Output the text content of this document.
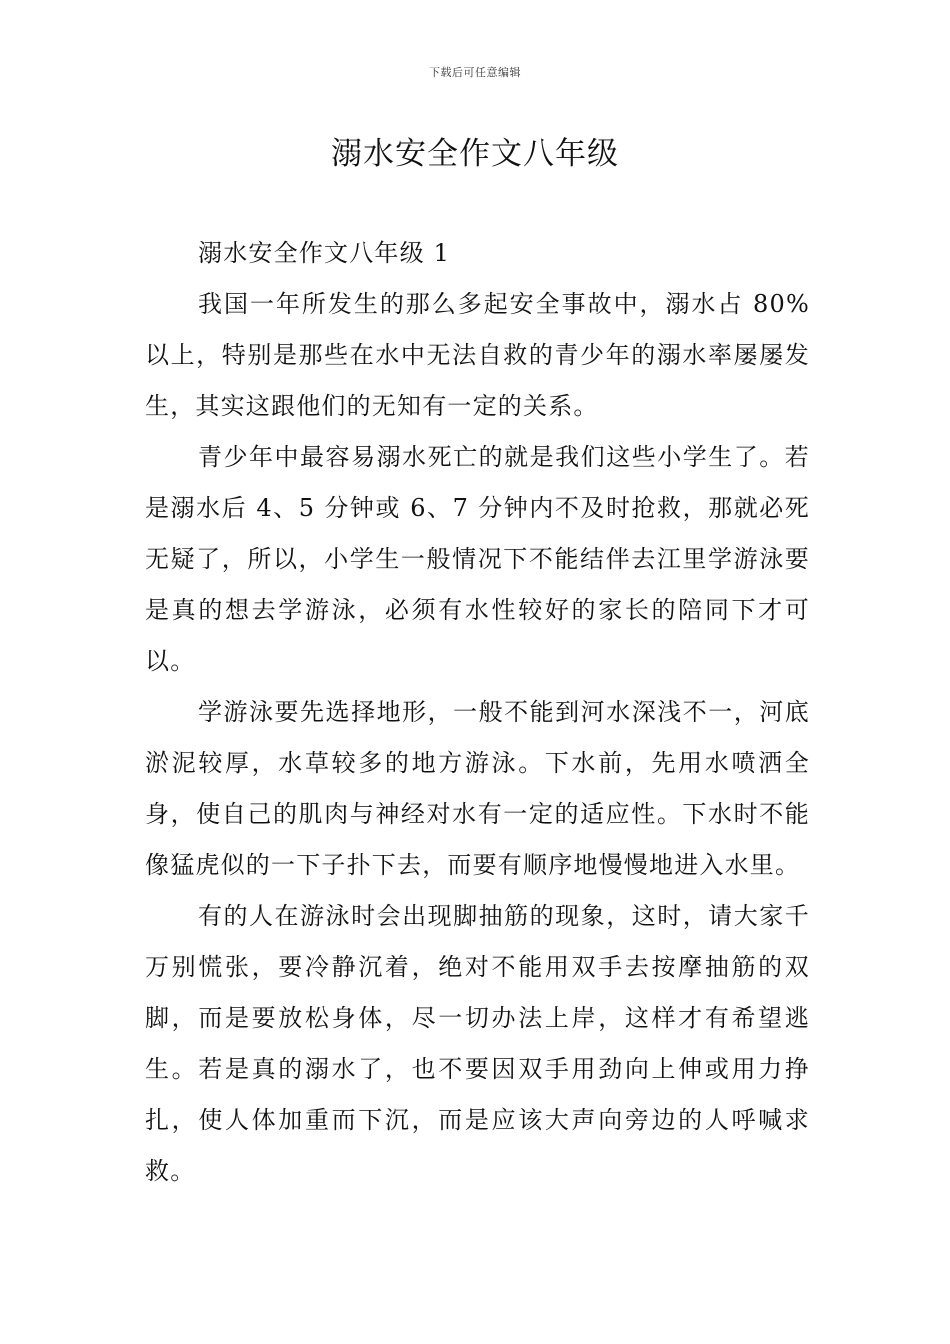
下载后可任意编辑
溺水安全作文八年级

溺水安全作文八年级 1

我国一年所发生的那么多起安全事故中，溺水占 80%以上，特别是那些在水中无法自救的青少年的溺水率屡屡发生，其实这跟他们的无知有一定的关系。

青少年中最容易溺水死亡的就是我们这些小学生了。若是溺水后 4、5 分钟或 6、7 分钟内不及时抢救，那就必死无疑了，所以，小学生一般情况下不能结伴去江里学游泳要是真的想去学游泳，必须有水性较好的家长的陪同下才可以。

学游泳要先选择地形，一般不能到河水深浅不一，河底淤泥较厚，水草较多的地方游泳。下水前，先用水喷洒全身，使自己的肌肉与神经对水有一定的适应性。下水时不能像猛虎似的一下子扑下去，而要有顺序地慢慢地进入水里。

有的人在游泳时会出现脚抽筋的现象，这时，请大家千万别慌张，要冷静沉着，绝对不能用双手去按摩抽筋的双脚，而是要放松身体，尽一切办法上岸，这样才有希望逃生。若是真的溺水了，也不要因双手用劲向上伸或用力挣扎，使人体加重而下沉，而是应该大声向旁边的人呼喊求救。
